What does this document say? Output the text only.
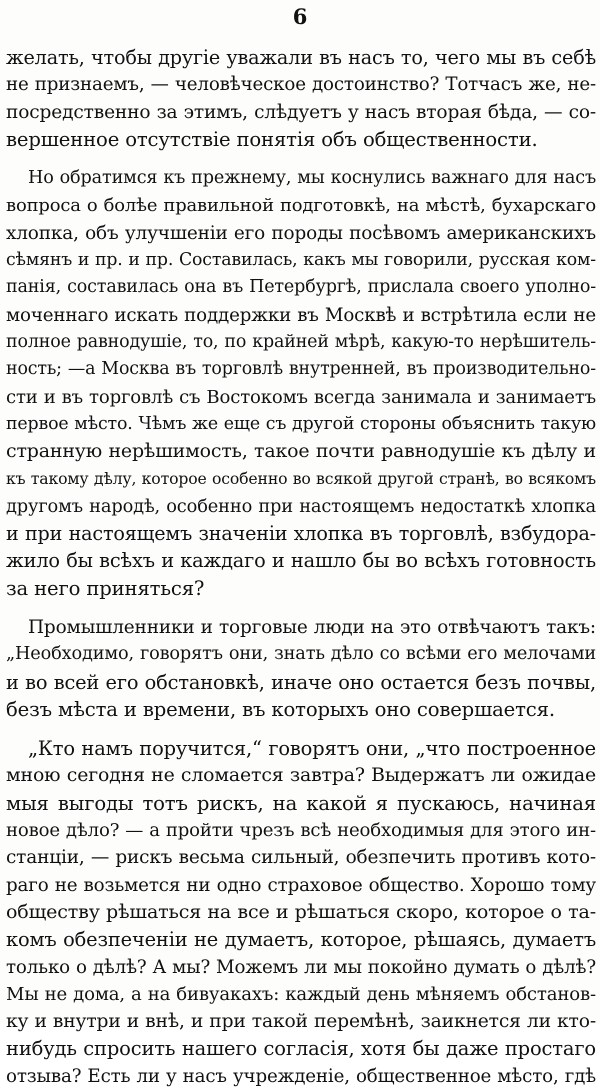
6
желать, чтобы другіе уважали въ насъ то, чего мы въ себѣ
не признаемъ, — человѣческое достоинство? Тотчасъ же, не-
посредственно за этимъ, слѣдуетъ у насъ вторая бѣда, — со-
вершенное отсутствіе понятія объ общественности.
Но обратимся къ прежнему, мы коснулись важнаго для насъ
вопроса о болѣе правильной подготовкѣ, на мѣстѣ, бухарскаго
хлопка, объ улучшеніи его породы посѣвомъ американскихъ
сѣмянъ и пр. и пр. Составилась, какъ мы говорили, русская ком-
панія, составилась она въ Петербургѣ, прислала своего уполно-
моченнаго искать поддержки въ Москвѣ и встрѣтила если не
полное равнодушіе, то, по крайней мѣрѣ, какую-то нерѣшитель-
ность; —а Москва въ торговлѣ внутренней, въ производительно-
сти и въ торговлѣ съ Востокомъ всегда занимала и занимаетъ
первое мѣсто. Чѣмъ же еще съ другой стороны объяснить такую
странную нерѣшимость, такое почти равнодушіе къ дѣлу и
къ такому дѣлу, которое особенно во всякой другой странѣ, во всякомъ
другомъ народѣ, особенно при настоящемъ недостаткѣ хлопка
и при настоящемъ значеніи хлопка въ торговлѣ, взбудора-
жило бы всѣхъ и каждаго и нашло бы во всѣхъ готовность
за него приняться?
Промышленники и торговые люди на это отвѣчаютъ такъ:
„Необходимо, говорятъ они, знать дѣло со всѣми его мелочами
и во всей его обстановкѣ, иначе оно остается безъ почвы,
безъ мѣста и времени, въ которыхъ оно совершается.
„Кто намъ поручится,“ говорятъ они, „что построенное
мною сегодня не сломается завтра? Выдержатъ ли ожидае
мыя выгоды тотъ рискъ, на какой я пускаюсь, начиная
новое дѣло? — а пройти чрезъ всѣ необходимыя для этого ин-
станціи, — рискъ весьма сильный, обезпечить противъ кото-
раго не возьмется ни одно страховое общество. Хорошо тому
обществу рѣшаться на все и рѣшаться скоро, которое о та-
комъ обезпеченіи не думаетъ, которое, рѣшаясь, думаетъ
только о дѣлѣ? А мы? Можемъ ли мы покойно думать о дѣлѣ?
Мы не дома, а на бивуакахъ: каждый день мѣняемъ обстанов-
ку и внутри и внѣ, и при такой перемѣнѣ, заикнется ли кто-
нибудь спросить нашего согласія, хотя бы даже простаго
отзыва? Есть ли у насъ учрежденіе, общественное мѣсто, гдѣ
